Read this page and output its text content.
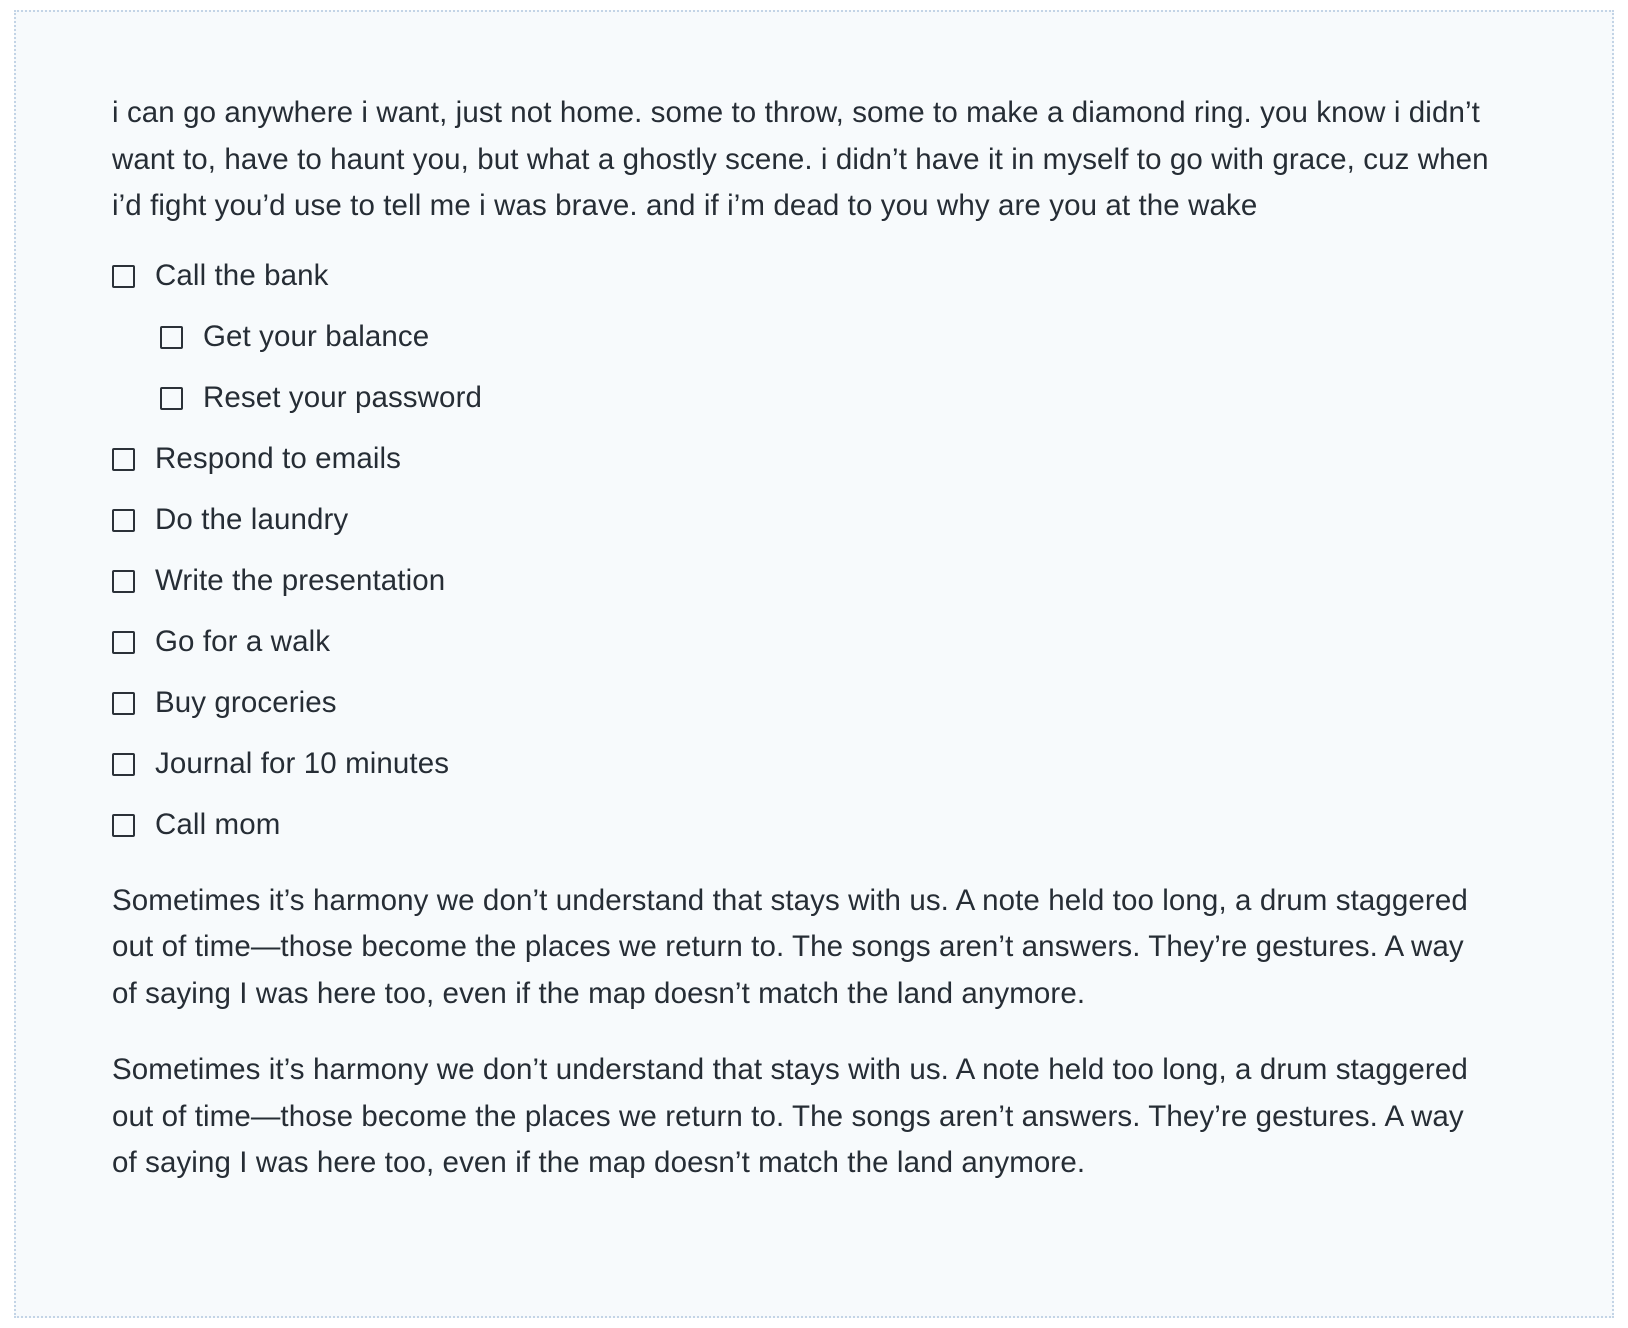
i can go anywhere i want, just not home. some to throw, some to make a diamond ring. you know i didn’t want to, have to haunt you, but what a ghostly scene. i didn’t have it in myself to go with grace, cuz when i’d fight you’d use to tell me i was brave. and if i’m dead to you why are you at the wake

Call the bank
Get your balance
Reset your password
Respond to emails
Do the laundry
Write the presentation
Go for a walk
Buy groceries
Journal for 10 minutes
Call mom

Sometimes it’s harmony we don’t understand that stays with us. A note held too long, a drum staggered out of time—those become the places we return to. The songs aren’t answers. They’re gestures. A way of saying I was here too, even if the map doesn’t match the land anymore.

Sometimes it’s harmony we don’t understand that stays with us. A note held too long, a drum staggered out of time—those become the places we return to. The songs aren’t answers. They’re gestures. A way of saying I was here too, even if the map doesn’t match the land anymore.
